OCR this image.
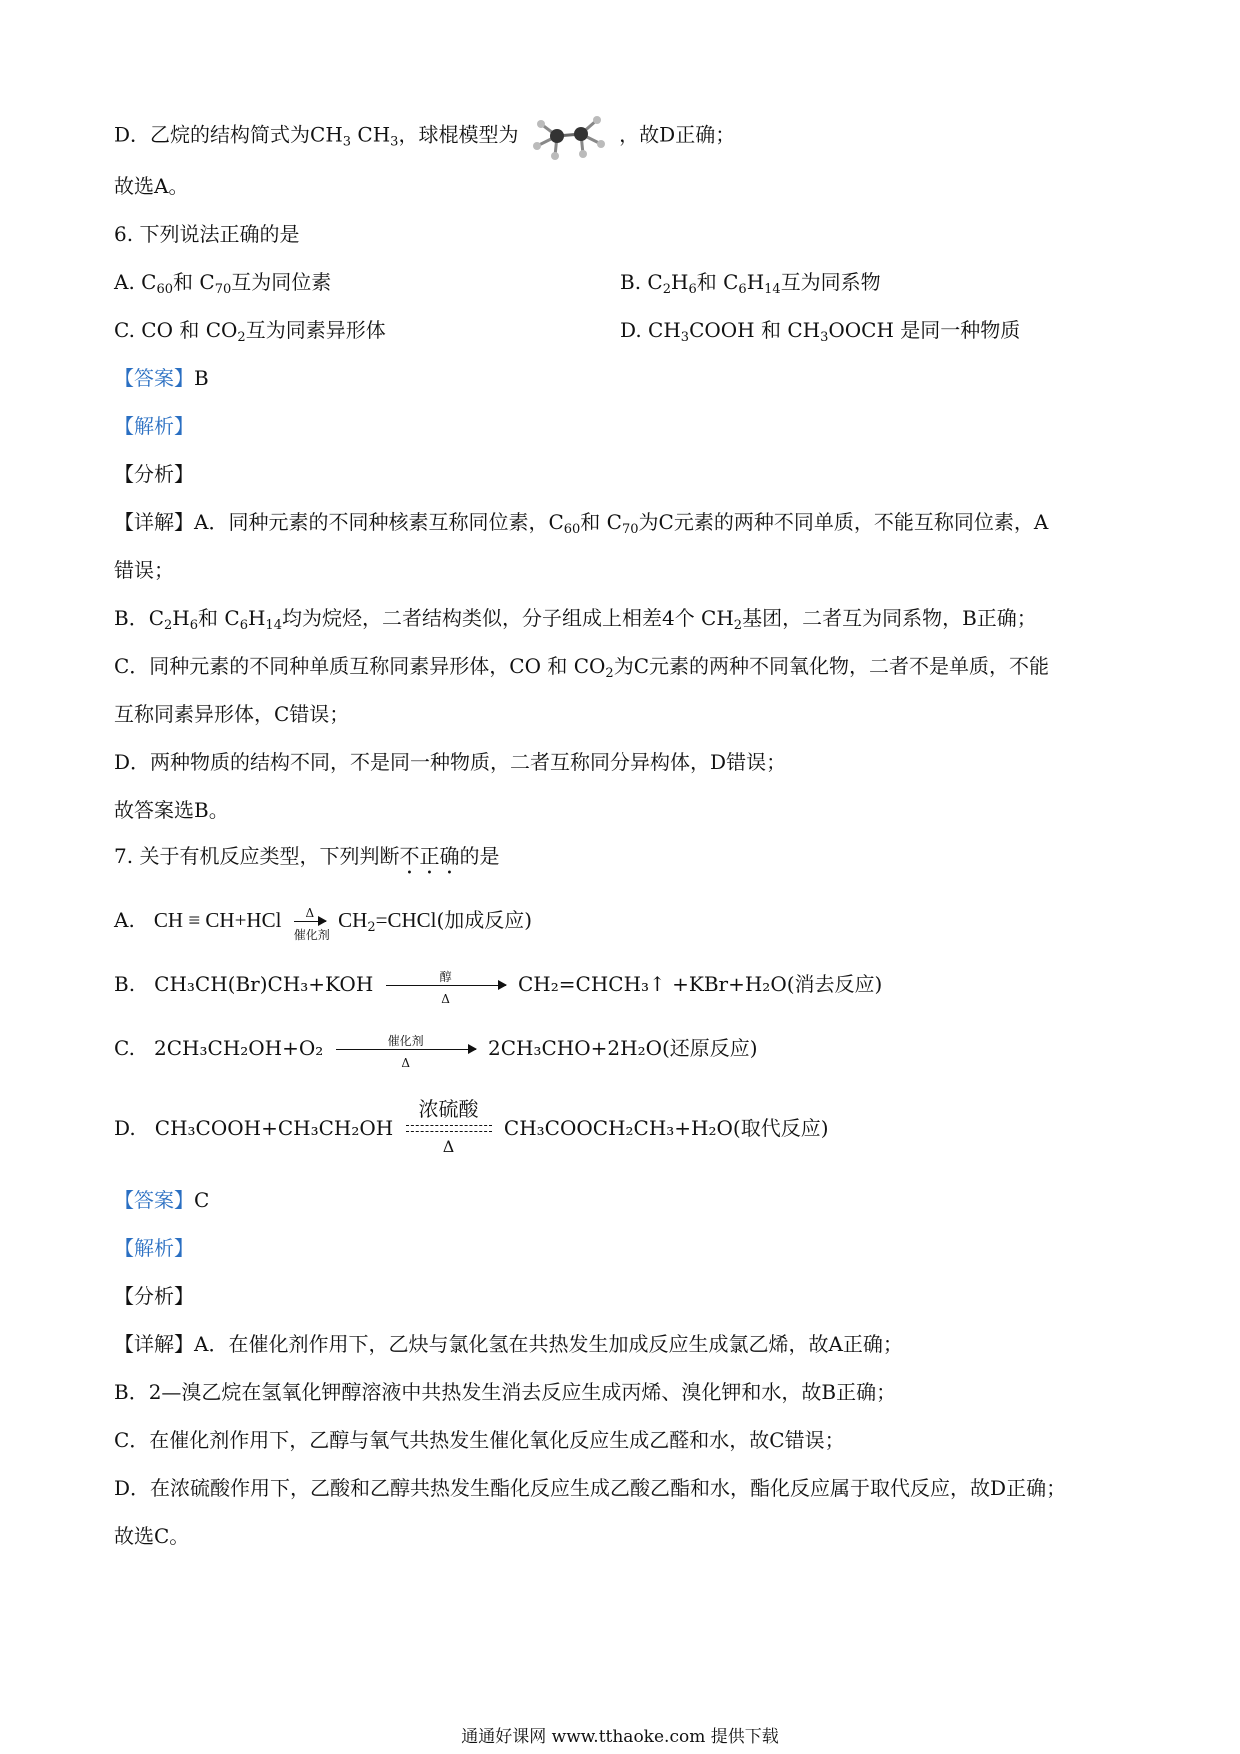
D．乙烷的结构简式为$CH_3$ $CH_3$，球棍模型为	，故D正确；
故选A。
6. 下列说法正确的是
A. $C_{60}$和 $C_{70}$互为同位素	B. $C_2H_6$和 $C_6H_{14}$互为同系物
C. CO 和 $CO_2$互为同素异形体	D. $CH_3COOH$ 和 $CH_3OOCH$ 是同一种物质
【答案】B
【解析】
【分析】
【详解】A．同种元素的不同种核素互称同位素，$C_{60}$和 $C_{70}$为C元素的两种不同单质，不能互称同位素，A
错误；
B．$C_2H_6$和 $C_6H_{14}$均为烷烃，二者结构类似，分子组成上相差4个 $CH_2$基团，二者互为同系物，B正确；
C．同种元素的不同种单质互称同素异形体，CO 和 $CO_2$为C元素的两种不同氧化物，二者不是单质，不能
互称同素异形体，C错误；
D．两种物质的结构不同，不是同一种物质，二者互称同分异构体，D错误；
故答案选B。
7. 关于有机反应类型，下列判断不正确的是
A. CH ≡ CH+HCl	Δ
催化剂
$CH_2=CHCl$(加成反应)
B. CH₃CH(Br)CH₃+KOH	醇
Δ
CH₂=CHCH₃↑ +KBr+H₂O(消去反应)
C. 2CH₃CH₂OH+O₂	催化剂
Δ
2CH₃CHO+2H₂O(还原反应)
D. CH₃COOH+CH₃CH₂OH
浓硫酸
Δ
CH₃COOCH₂CH₃+H₂O(取代反应)
【答案】C
【解析】
【分析】
【详解】A．在催化剂作用下，乙炔与氯化氢在共热发生加成反应生成氯乙烯，故A正确；
B．2—溴乙烷在氢氧化钾醇溶液中共热发生消去反应生成丙烯、溴化钾和水，故B正确；
C．在催化剂作用下，乙醇与氧气共热发生催化氧化反应生成乙醛和水，故C错误；
D．在浓硫酸作用下，乙酸和乙醇共热发生酯化反应生成乙酸乙酯和水，酯化反应属于取代反应，故D正确；
故选C。
通通好课网 www.tthaoke.com 提供下载
